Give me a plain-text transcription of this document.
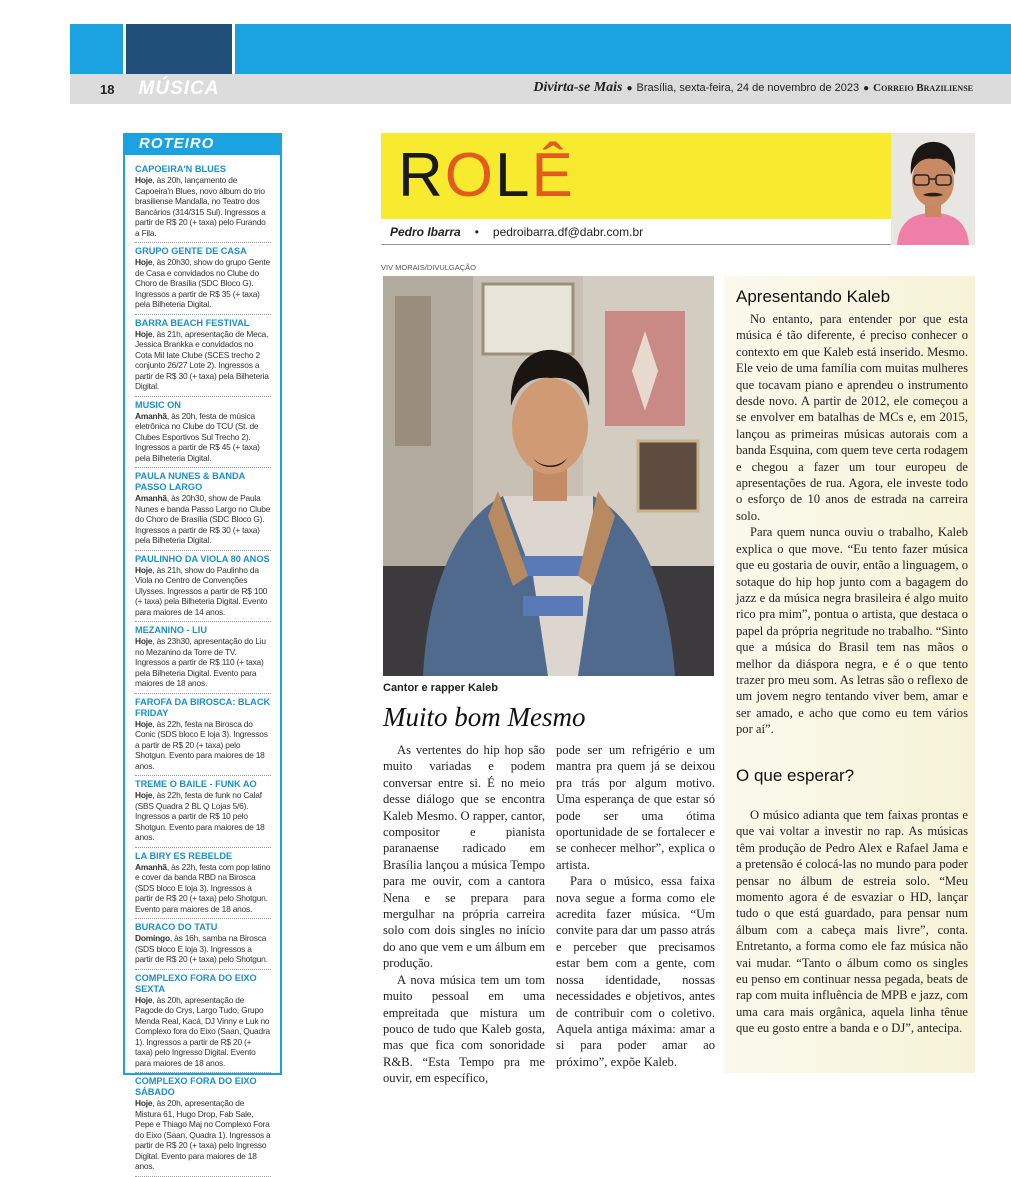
18	MÚSICA	Divirta-se Mais ● Brasília, sexta-feira, 24 de novembro de 2023 ● Correio Braziliense
ROTEIRO
CAPOEIRA'N BLUES
Hoje, às 20h, lançamento de Capoeira'n Blues, novo álbum do trio brasiliense Mandalla, no Teatro dos Bancários (314/315 Sul). Ingressos a partir de R$ 20 (+ taxa) pelo Furando a Fila.
GRUPO GENTE DE CASA
Hoje, às 20h30, show do grupo Gente de Casa e convidados no Clube do Choro de Brasília (SDC Bloco G). Ingressos a partir de R$ 35 (+ taxa) pela Bilheteria Digital.
BARRA BEACH FESTIVAL
Hoje, às 21h, apresentação de Meca, Jessica Brankka e convidados no Cota Mil Iate Clube (SCES trecho 2 conjunto 26/27 Lote 2). Ingressos a partir de R$ 30 (+ taxa) pela Bilheteria Digital.
MUSIC ON
Amanhã, às 20h, festa de música eletrônica no Clube do TCU (St. de Clubes Esportivos Sul Trecho 2). Ingressos a partir de R$ 45 (+ taxa) pela Bilheteria Digital.
PAULA NUNES & BANDA PASSO LARGO
Amanhã, às 20h30, show de Paula Nunes e banda Passo Largo no Clube do Choro de Brasília (SDC Bloco G). Ingressos a partir de R$ 30 (+ taxa) pela Bilheteria Digital.
PAULINHO DA VIOLA 80 ANOS
Hoje, às 21h, show do Paulinho da Viola no Centro de Convenções Ulysses. Ingressos a partir de R$ 100 (+ taxa) pela Bilheteria Digital. Evento para maiores de 14 anos.
MEZANINO - LIU
Hoje, às 23h30, apresentação do Liu no Mezanino da Torre de TV. Ingressos a partir de R$ 110 (+ taxa) pela Bilheteria Digital. Evento para maiores de 18 anos.
FAROFA DA BIROSCA: BLACK FRIDAY
Hoje, às 22h, festa na Birosca do Conic (SDS bloco E loja 3). Ingressos a partir de R$ 20 (+ taxa) pelo Shotgun. Evento para maiores de 18 anos.
TREME O BAILE - FUNK AO
Hoje, às 22h, festa de funk no Calaf (SBS Quadra 2 BL Q Lojas 5/6). Ingressos a partir de R$ 10 pelo Shotgun. Evento para maiores de 18 anos.
LA BIRY ES REBELDE
Amanhã, às 22h, festa com pop latino e cover da banda RBD na Birosca (SDS bloco E loja 3). Ingressos a partir de R$ 20 (+ taxa) pelo Shotgun. Evento para maiores de 18 anos.
BURACO DO TATU
Domingo, às 16h, samba na Birosca (SDS bloco E loja 3). Ingressos a partir de R$ 20 (+ taxa) pelo Shotgun.
COMPLEXO FORA DO EIXO SEXTA
Hoje, às 20h, apresentação de Pagode do Crys, Largo Tudo, Grupo Menda Real, Kacá, DJ Vinny e Luk no Complexo fora do Eixo (Saan, Quadra 1). Ingressos a partir de R$ 20 (+ taxa) pelo Ingresso Digital. Evento para maiores de 18 anos.
COMPLEXO FORA DO EIXO SÁBADO
Hoje, às 20h, apresentação de Mistura 61, Hugo Drop, Fab Sale, Pepe e Thiago Maj no Complexo Fora do Eixo (Saan, Quadra 1). Ingressos a partir de R$ 20 (+ taxa) pelo Ingresso Digital. Evento para maiores de 18 anos.
ROLÊ
Pedro Ibarra • pedroibarra.df@dabr.com.br
VIV MORAIS/DIVULGAÇÃO
Cantor e rapper Kaleb
Muito bom Mesmo

As vertentes do hip hop são muito variadas e podem conversar entre si. É no meio desse diálogo que se encontra Kaleb Mesmo. O rapper, cantor, compositor e pianista paranaense radicado em Brasília lançou a música Tempo para me ouvir, com a cantora Nena e se prepara para mergulhar na própria carreira solo com dois singles no início do ano que vem e um álbum em produção.

A nova música tem um tom muito pessoal em uma empreitada que mistura um pouco de tudo que Kaleb gosta, mas que fica com sonoridade R&B. “Esta Tempo pra me ouvir, em específico,

pode ser um refrigério e um mantra pra quem já se deixou pra trás por algum motivo. Uma esperança de que estar só pode ser uma ótima oportunidade de se fortalecer e se conhecer melhor”, explica o artista.

Para o músico, essa faixa nova segue a forma como ele acredita fazer música. “Um convite para dar um passo atrás e perceber que precisamos estar bem com a gente, com nossa identidade, nossas necessidades e objetivos, antes de contribuir com o coletivo. Aquela antiga máxima: amar a si para poder amar ao próximo”, expõe Kaleb.

Apresentando Kaleb

No entanto, para entender por que esta música é tão diferente, é preciso conhecer o contexto em que Kaleb está inserido. Mesmo. Ele veio de uma família com muitas mulheres que tocavam piano e aprendeu o instrumento desde novo. A partir de 2012, ele começou a se envolver em batalhas de MCs e, em 2015, lançou as primeiras músicas autorais com a banda Esquina, com quem teve certa rodagem e chegou a fazer um tour europeu de apresentações de rua. Agora, ele investe todo o esforço de 10 anos de estrada na carreira solo.

Para quem nunca ouviu o trabalho, Kaleb explica o que move. “Eu tento fazer música que eu gostaria de ouvir, então a linguagem, o sotaque do hip hop junto com a bagagem do jazz e da música negra brasileira é algo muito rico pra mim”, pontua o artista, que destaca o papel da própria negritude no trabalho. “Sinto que a música do Brasil tem nas mãos o melhor da diáspora negra, e é o que tento trazer pro meu som. As letras são o reflexo de um jovem negro tentando viver bem, amar e ser amado, e acho que como eu tem vários por aí”.

O que esperar?

O músico adianta que tem faixas prontas e que vai voltar a investir no rap. As músicas têm produção de Pedro Alex e Rafael Jama e a pretensão é colocá-las no mundo para poder pensar no álbum de estreia solo. “Meu momento agora é de esvaziar o HD, lançar tudo o que está guardado, para pensar num álbum com a cabeça mais livre”, conta. Entretanto, a forma como ele faz música não vai mudar. “Tanto o álbum como os singles eu penso em continuar nessa pegada, beats de rap com muita influência de MPB e jazz, com uma cara mais orgânica, aquela linha tênue que eu gosto entre a banda e o DJ”, antecipa.
